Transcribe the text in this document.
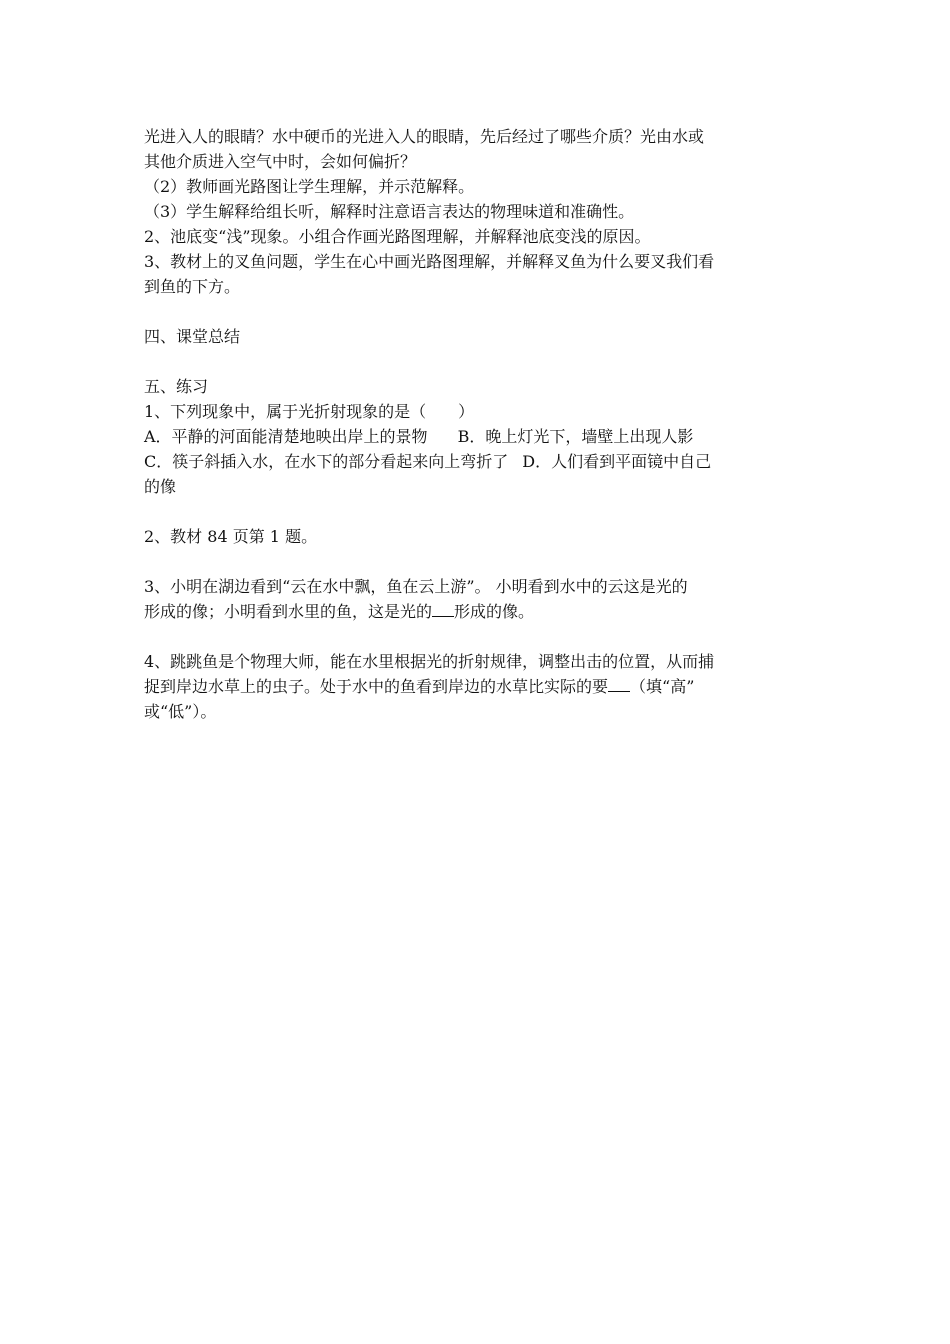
光进入人的眼睛？水中硬币的光进入人的眼睛，先后经过了哪些介质？光由水或
其他介质进入空气中时，会如何偏折？
（2）教师画光路图让学生理解，并示范解释。
（3）学生解释给组长听，解释时注意语言表达的物理味道和准确性。
2、池底变“浅”现象。小组合作画光路图理解，并解释池底变浅的原因。
3、教材上的叉鱼问题，学生在心中画光路图理解，并解释叉鱼为什么要叉我们看
到鱼的下方。
四、课堂总结
五、练习
1、下列现象中，属于光折射现象的是（　　）
A．平静的河面能清楚地映出岸上的景物 B．晚上灯光下，墙壁上出现人影
C．筷子斜插入水，在水下的部分看起来向上弯折了 D．人们看到平面镜中自己
的像
2、教材 84 页第 1 题。
3、小明在湖边看到“云在水中飘，鱼在云上游”。 小明看到水中的云这是光的
形成的像；小明看到水里的鱼，这是光的 形成的像。
4、跳跳鱼是个物理大师，能在水里根据光的折射规律，调整出击的位置，从而捕
捉到岸边水草上的虫子。处于水中的鱼看到岸边的水草比实际的要 （填“高”
或“低”）。
